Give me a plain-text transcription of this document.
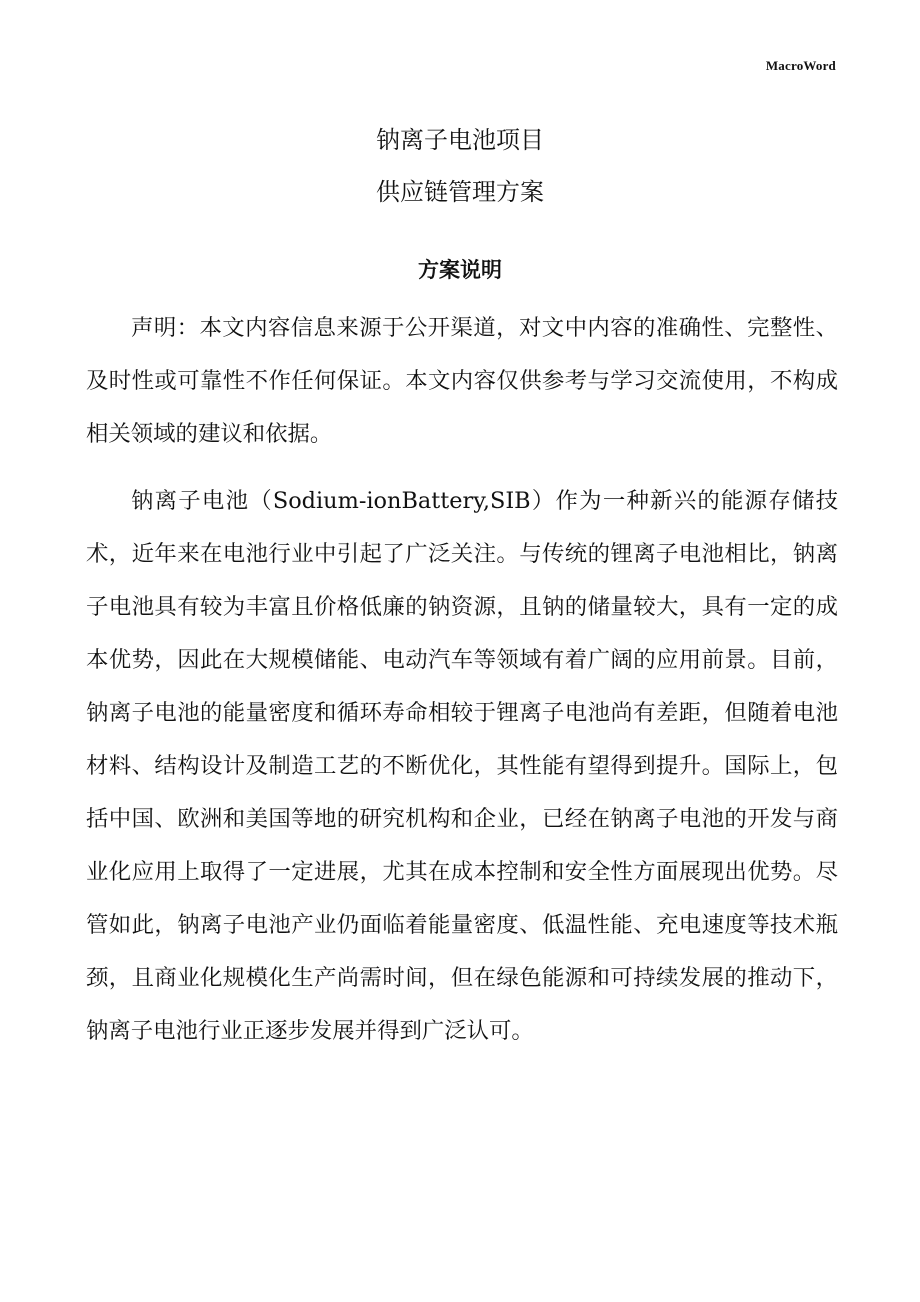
MacroWord
钠离子电池项目
供应链管理方案
方案说明

声明：本文内容信息来源于公开渠道，对文中内容的准确性、完整性、及时性或可靠性不作任何保证。本文内容仅供参考与学习交流使用，不构成相关领域的建议和依据。

钠离子电池（Sodium-ionBattery,SIB）作为一种新兴的能源存储技术，近年来在电池行业中引起了广泛关注。与传统的锂离子电池相比，钠离子电池具有较为丰富且价格低廉的钠资源，且钠的储量较大，具有一定的成本优势，因此在大规模储能、电动汽车等领域有着广阔的应用前景。目前，钠离子电池的能量密度和循环寿命相较于锂离子电池尚有差距，但随着电池材料、结构设计及制造工艺的不断优化，其性能有望得到提升。国际上，包括中国、欧洲和美国等地的研究机构和企业，已经在钠离子电池的开发与商业化应用上取得了一定进展，尤其在成本控制和安全性方面展现出优势。尽管如此，钠离子电池产业仍面临着能量密度、低温性能、充电速度等技术瓶颈，且商业化规模化生产尚需时间，但在绿色能源和可持续发展的推动下，钠离子电池行业正逐步发展并得到广泛认可。
